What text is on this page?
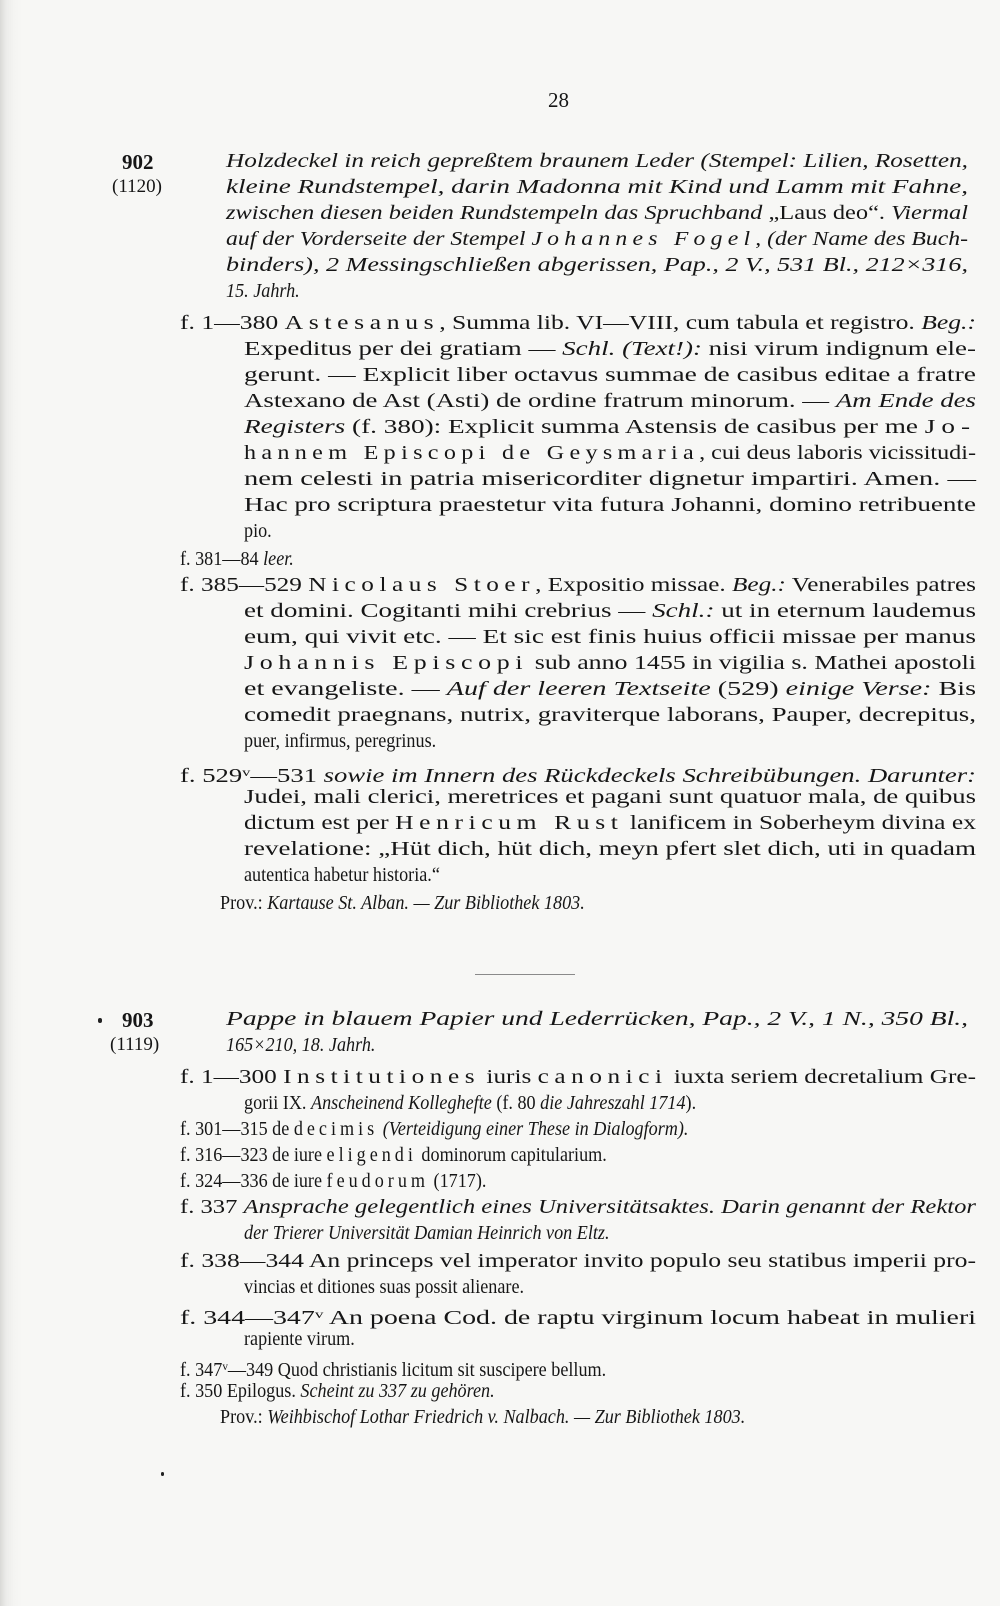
28
902
(1120)
903
(1119)
Holzdeckel in reich gepreßtem braunem Leder (Stempel: Lilien, Rosetten,
kleine Rundstempel, darin Madonna mit Kind und Lamm mit Fahne,
zwischen diesen beiden Rundstempeln das Spruchband „Laus deo“. Viermal
auf der Vorderseite der Stempel Johannes Fogel, (der Name des Buch-
binders), 2 Messingschließen abgerissen, Pap., 2 V., 531 Bl., 212×316,
15. Jahrh.
f. 1—380 Astesanus, Summa lib. VI—VIII, cum tabula et registro. Beg.:
Expeditus per dei gratiam — Schl. (Text!): nisi virum indignum ele-
gerunt. — Explicit liber octavus summae de casibus editae a fratre
Astexano de Ast (Asti) de ordine fratrum minorum. — Am Ende des
Registers (f. 380): Explicit summa Astensis de casibus per me Jo-
hannem Episcopi de Geysmaria, cui deus laboris vicissitudi-
nem celesti in patria misericorditer dignetur impartiri. Amen. —
Hac pro scriptura praestetur vita futura Johanni, domino retribuente
pio.
f. 381—84 leer.
f. 385—529 Nicolaus Stoer, Expositio missae. Beg.: Venerabiles patres
et domini. Cogitanti mihi crebrius — Schl.: ut in eternum laudemus
eum, qui vivit etc. — Et sic est finis huius officii missae per manus
Johannis Episcopi sub anno 1455 in vigilia s. Mathei apostoli
et evangeliste. — Auf der leeren Textseite (529) einige Verse: Bis
comedit praegnans, nutrix, graviterque laborans, Pauper, decrepitus,
puer, infirmus, peregrinus.
f. 529$^v$—531 sowie im Innern des Rückdeckels Schreibübungen. Darunter:
Judei, mali clerici, meretrices et pagani sunt quatuor mala, de quibus
dictum est per Henricum Rust lanificem in Soberheym divina ex
revelatione: „Hüt dich, hüt dich, meyn pfert slet dich, uti in quadam
autentica habetur historia.“
Prov.: Kartause St. Alban. — Zur Bibliothek 1803.
Pappe in blauem Papier und Lederrücken, Pap., 2 V., 1 N., 350 Bl.,
165×210, 18. Jahrh.
f. 1—300 Institutiones iuris canonici iuxta seriem decretalium Gre-
gorii IX. Anscheinend Kolleghefte (f. 80 die Jahreszahl 1714).
f. 301—315 de decimis (Verteidigung einer These in Dialogform).
f. 316—323 de iure eligendi dominorum capitularium.
f. 324—336 de iure feudorum (1717).
f. 337 Ansprache gelegentlich eines Universitätsaktes. Darin genannt der Rektor
der Trierer Universität Damian Heinrich von Eltz.
f. 338—344 An princeps vel imperator invito populo seu statibus imperii pro-
vincias et ditiones suas possit alienare.
f. 344—347$^v$ An poena Cod. de raptu virginum locum habeat in mulieri
rapiente virum.
f. 347$^v$—349 Quod christianis licitum sit suscipere bellum.
f. 350 Epilogus. Scheint zu 337 zu gehören.
Prov.: Weihbischof Lothar Friedrich v. Nalbach. — Zur Bibliothek 1803.
